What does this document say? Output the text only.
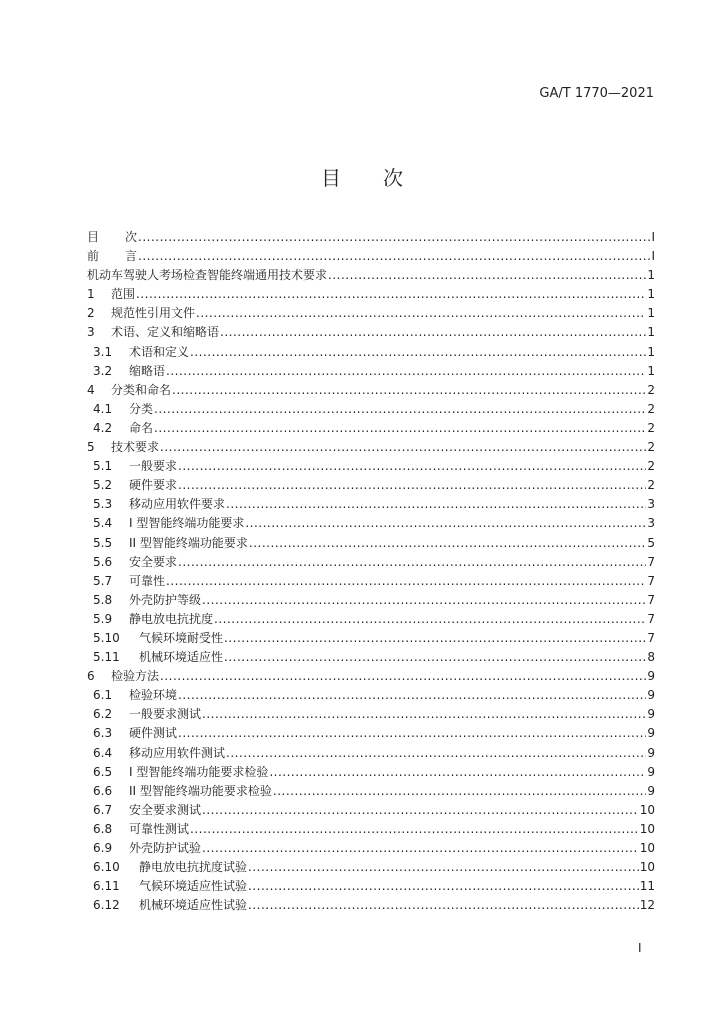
GA/T 1770—2021
目 次
目	次 .....	I
前	言 .....	I
机动车驾驶人考场检查智能终端通用技术要求 .....	1
1	范围 .....	1
2	规范性引用文件 .....	1
3	术语、定义和缩略语 .....	1
3.1	术语和定义 .....	1
3.2	缩略语 .....	1
4	分类和命名 .....	2
4.1	分类 .....	2
4.2	命名 .....	2
5	技术要求 .....	2
5.1	一般要求 .....	2
5.2	硬件要求 .....	2
5.3	移动应用软件要求 .....	3
5.4	I 型智能终端功能要求 .....	3
5.5	II 型智能终端功能要求 .....	5
5.6	安全要求 .....	7
5.7	可靠性 .....	7
5.8	外壳防护等级 .....	7
5.9	静电放电抗扰度 .....	7
5.10	气候环境耐受性 .....	7
5.11	机械环境适应性 .....	8
6	检验方法 .....	9
6.1	检验环境 .....	9
6.2	一般要求测试 .....	9
6.3	硬件测试 .....	9
6.4	移动应用软件测试 .....	9
6.5	I 型智能终端功能要求检验 .....	9
6.6	II 型智能终端功能要求检验 .....	9
6.7	安全要求测试 .....	10
6.8	可靠性测试 .....	10
6.9	外壳防护试验 .....	10
6.10	静电放电抗扰度试验 .....	10
6.11	气候环境适应性试验 .....	11
6.12	机械环境适应性试验 .....	12
I
